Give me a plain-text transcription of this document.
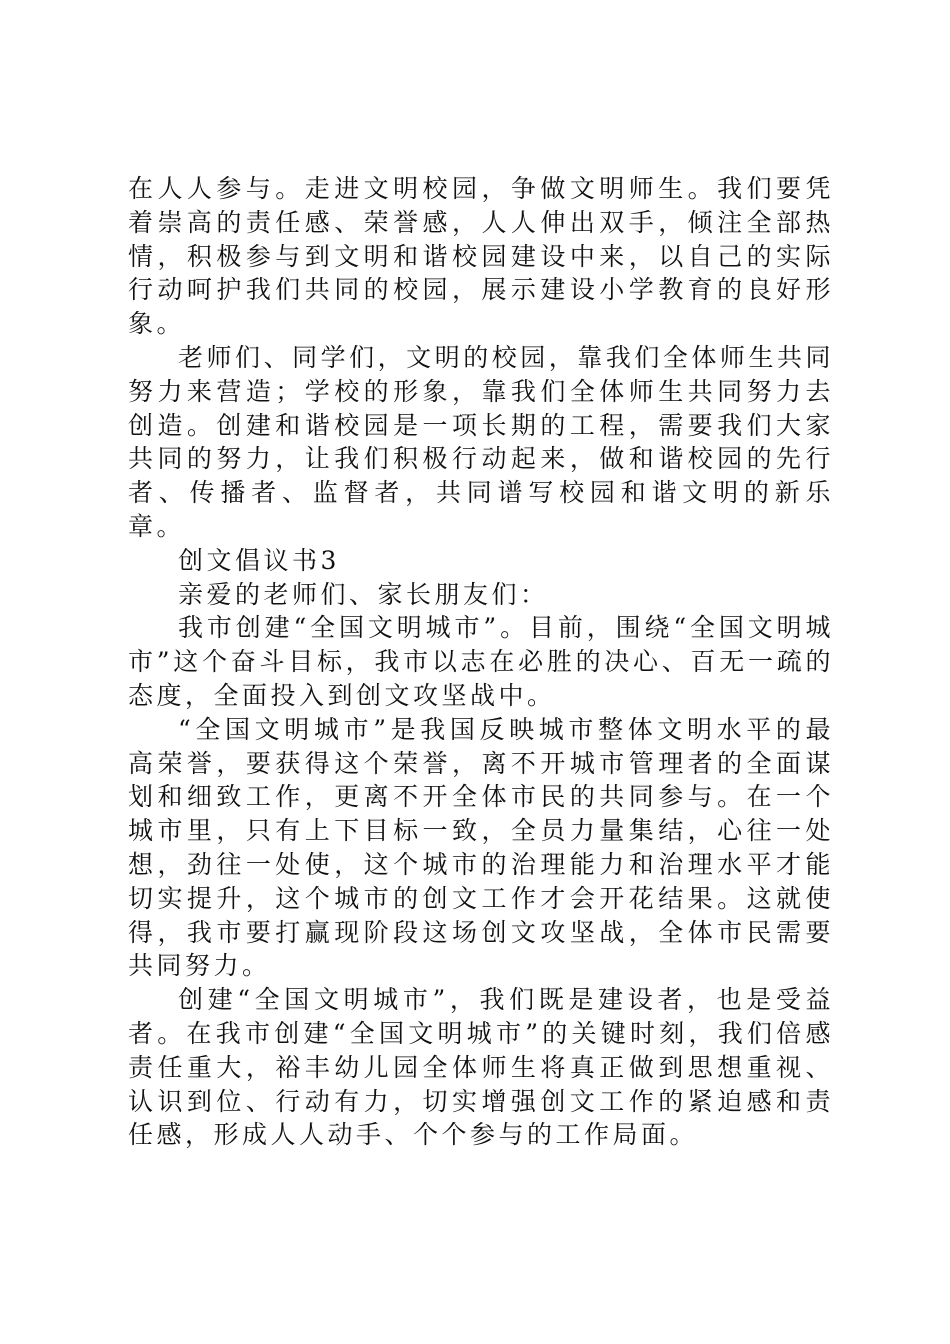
在人人参与。走进文明校园，争做文明师生。我们要凭着崇高的责任感、荣誉感，人人伸出双手，倾注全部热情，积极参与到文明和谐校园建设中来，以自己的实际行动呵护我们共同的校园，展示建设小学教育的良好形象。

老师们、同学们，文明的校园，靠我们全体师生共同努力来营造；学校的形象，靠我们全体师生共同努力去创造。创建和谐校园是一项长期的工程，需要我们大家共同的努力，让我们积极行动起来，做和谐校园的先行者、传播者、监督者，共同谱写校园和谐文明的新乐章。

创文倡议书3

亲爱的老师们、家长朋友们：

我市创建“全国文明城市”。目前，围绕“全国文明城市”这个奋斗目标，我市以志在必胜的决心、百无一疏的态度，全面投入到创文攻坚战中。

“全国文明城市”是我国反映城市整体文明水平的最高荣誉，要获得这个荣誉，离不开城市管理者的全面谋划和细致工作，更离不开全体市民的共同参与。在一个城市里，只有上下目标一致，全员力量集结，心往一处想，劲往一处使，这个城市的治理能力和治理水平才能切实提升，这个城市的创文工作才会开花结果。这就使得，我市要打赢现阶段这场创文攻坚战，全体市民需要共同努力。

创建“全国文明城市”，我们既是建设者，也是受益者。在我市创建“全国文明城市”的关键时刻，我们倍感责任重大，裕丰幼儿园全体师生将真正做到思想重视、认识到位、行动有力，切实增强创文工作的紧迫感和责任感，形成人人动手、个个参与的工作局面。
